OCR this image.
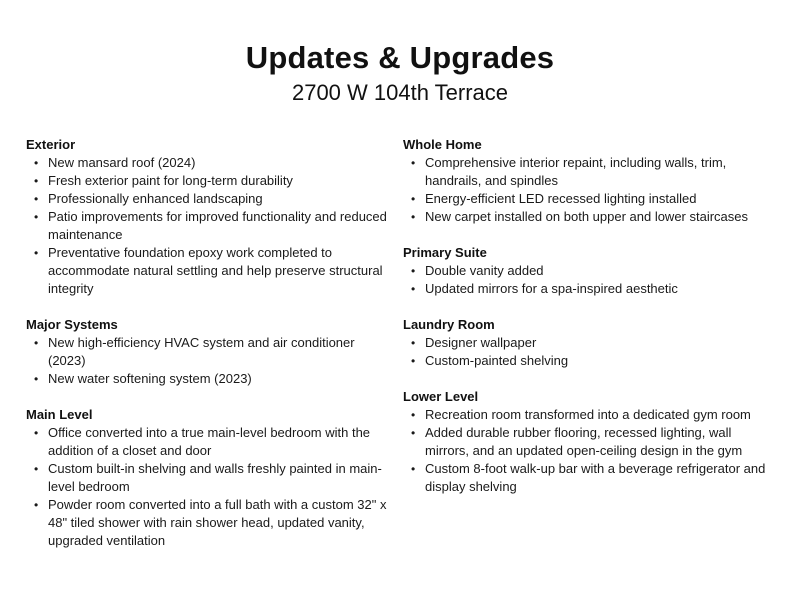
Updates & Upgrades
2700 W 104th Terrace
Exterior
• New mansard roof (2024)
• Fresh exterior paint for long-term durability
• Professionally enhanced landscaping
• Patio improvements for improved functionality and reduced maintenance
• Preventative foundation epoxy work completed to accommodate natural settling and help preserve structural integrity
Major Systems
• New high-efficiency HVAC system and air conditioner (2023)
• New water softening system (2023)
Main Level
• Office converted into a true main-level bedroom with the addition of a closet and door
• Custom built-in shelving and walls freshly painted in main-level bedroom
• Powder room converted into a full bath with a custom 32" x 48" tiled shower with rain shower head, updated vanity, upgraded ventilation
Whole Home
• Comprehensive interior repaint, including walls, trim, handrails, and spindles
• Energy-efficient LED recessed lighting installed
• New carpet installed on both upper and lower staircases
Primary Suite
• Double vanity added
• Updated mirrors for a spa-inspired aesthetic
Laundry Room
• Designer wallpaper
• Custom-painted shelving
Lower Level
• Recreation room transformed into a dedicated gym room
• Added durable rubber flooring, recessed lighting, wall mirrors, and an updated open-ceiling design in the gym
• Custom 8-foot walk-up bar with a beverage refrigerator and display shelving
